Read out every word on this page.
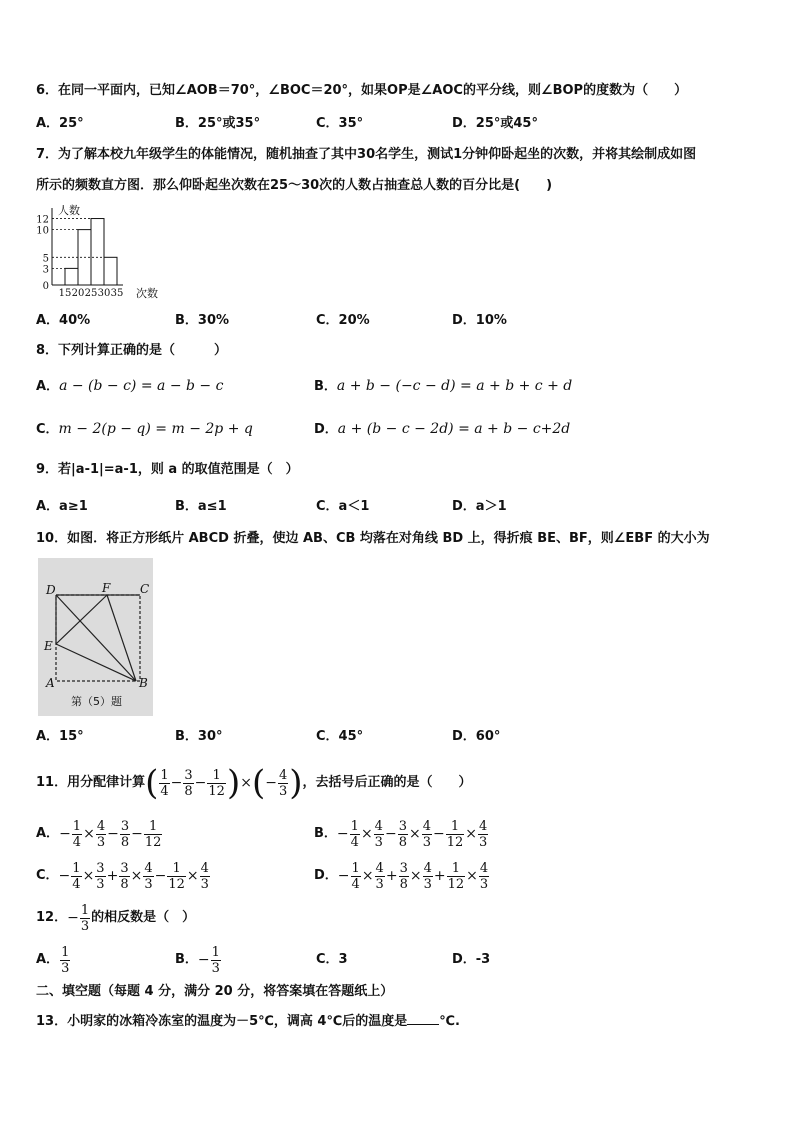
6．在同一平面内，已知∠AOB＝70°，∠BOC＝20°，如果OP是∠AOC的平分线，则∠BOP的度数为（　　）
A．25°	B．25°或35°	C．35°	D．25°或45°
7．为了解本校九年级学生的体能情况，随机抽查了其中30名学生，测试1分钟仰卧起坐的次数，并将其绘制成如图
所示的频数直方图．那么仰卧起坐次数在25～30次的人数占抽查总人数的百分比是(　　)
0
3
5
10
12
15 20 25 30 35
人数
次数
A．40%	B．30%	C．20%	D．10%
8．下列计算正确的是（　　　）
A．a − (b − c) = a − b − c	B．a + b − (−c − d) = a + b + c + d
C．m − 2(p − q) = m − 2p + q	D．a + (b − c − 2d) = a + b − c+2d
9．若|a-1|=a-1，则 a 的取值范围是（　）
A．a≥1	B．a≤1	C．a＜1	D．a＞1
10．如图．将正方形纸片 ABCD 折叠，使边 AB、CB 均落在对角线 BD 上，得折痕 BE、BF，则∠EBF 的大小为
D	F C
E
A	B
第（5）题
A．15°	B．30°	C．45°	D．60°
11．用分配律计算( $\frac{1}{4} - \frac{3}{8} - \frac{1}{12}$ )×(− $\frac{4}{3}$ )，去括号后正确的是（　　）
A．− $\frac{1}{4} \times \frac{4}{3} - \frac{3}{8} - \frac{1}{12}$	B．− $\frac{1}{4} \times \frac{4}{3} - \frac{3}{8} \times \frac{4}{3} - \frac{1}{12} \times \frac{4}{3}$
C．− $\frac{1}{4} \times \frac{3}{3} + \frac{3}{8} \times \frac{4}{3} - \frac{1}{12} \times \frac{4}{3}$	D．− $\frac{1}{4} \times \frac{4}{3} + \frac{3}{8} \times \frac{4}{3} + \frac{1}{12} \times \frac{4}{3}$
12．− $\frac{1}{3}$ 的相反数是（　）
A． $\frac{1}{3}$	B．− $\frac{1}{3}$	C．3	D．-3
二、填空题（每题 4 分，满分 20 分，将答案填在答题纸上）
13．小明家的冰箱冷冻室的温度为－5℃，调高 4℃后的温度是 ℃.
